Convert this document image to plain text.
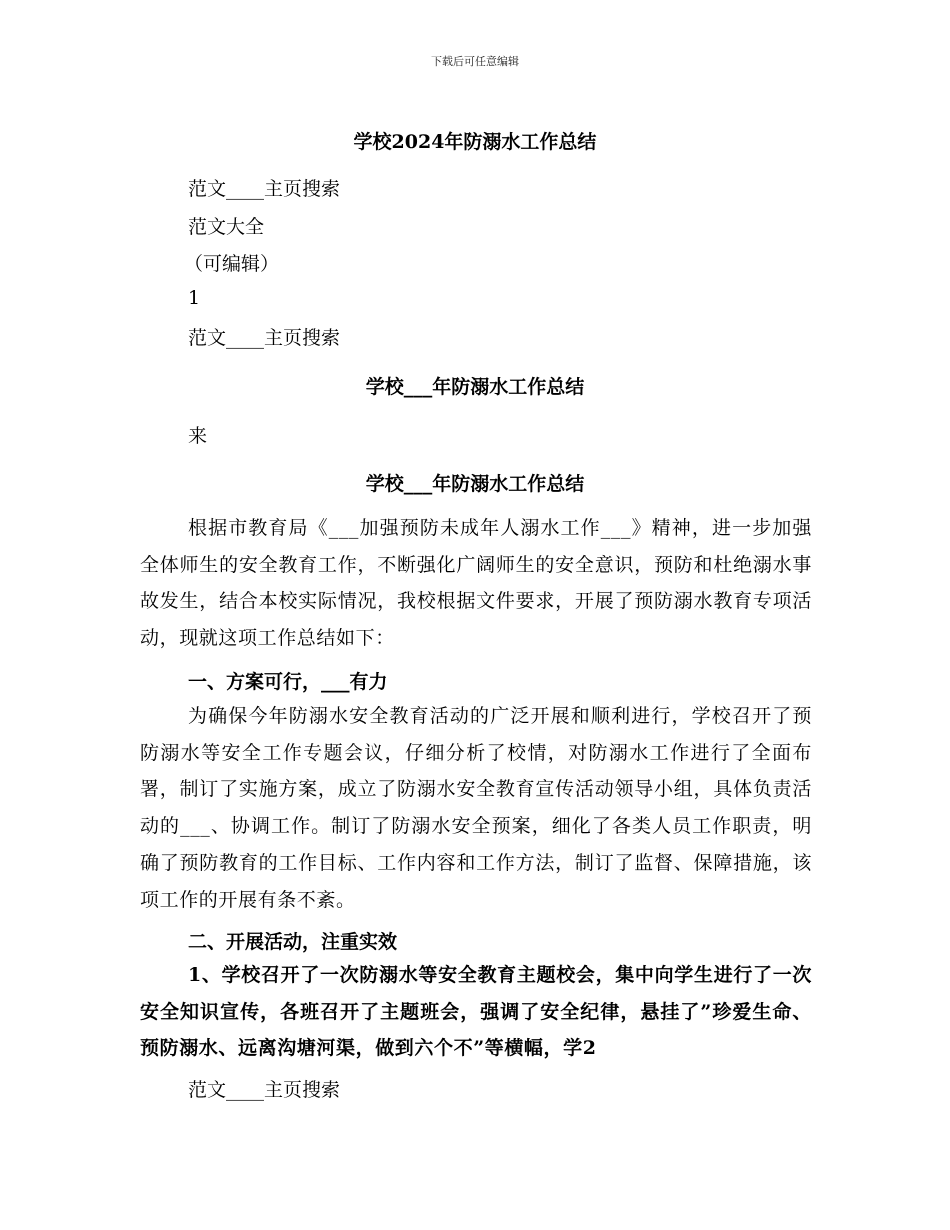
下载后可任意编辑
学校2024年防溺水工作总结
范文____主页搜索
范文大全
（可编辑）
1
范文____主页搜索
学校___年防溺水工作总结
来
学校___年防溺水工作总结
根据市教育局《___加强预防未成年人溺水工作___》精神，进一步加强全体师生的安全教育工作，不断强化广阔师生的安全意识，预防和杜绝溺水事故发生，结合本校实际情况，我校根据文件要求，开展了预防溺水教育专项活动，现就这项工作总结如下：
一、方案可行，___有力
为确保今年防溺水安全教育活动的广泛开展和顺利进行，学校召开了预防溺水等安全工作专题会议，仔细分析了校情，对防溺水工作进行了全面布署，制订了实施方案，成立了防溺水安全教育宣传活动领导小组，具体负责活动的___、协调工作。制订了防溺水安全预案，细化了各类人员工作职责，明确了预防教育的工作目标、工作内容和工作方法，制订了监督、保障措施，该项工作的开展有条不紊。
二、开展活动，注重实效
1、学校召开了一次防溺水等安全教育主题校会，集中向学生进行了一次安全知识宣传，各班召开了主题班会，强调了安全纪律，悬挂了”珍爱生命、预防溺水、远离沟塘河渠，做到六个不”等横幅，学2
范文____主页搜索
